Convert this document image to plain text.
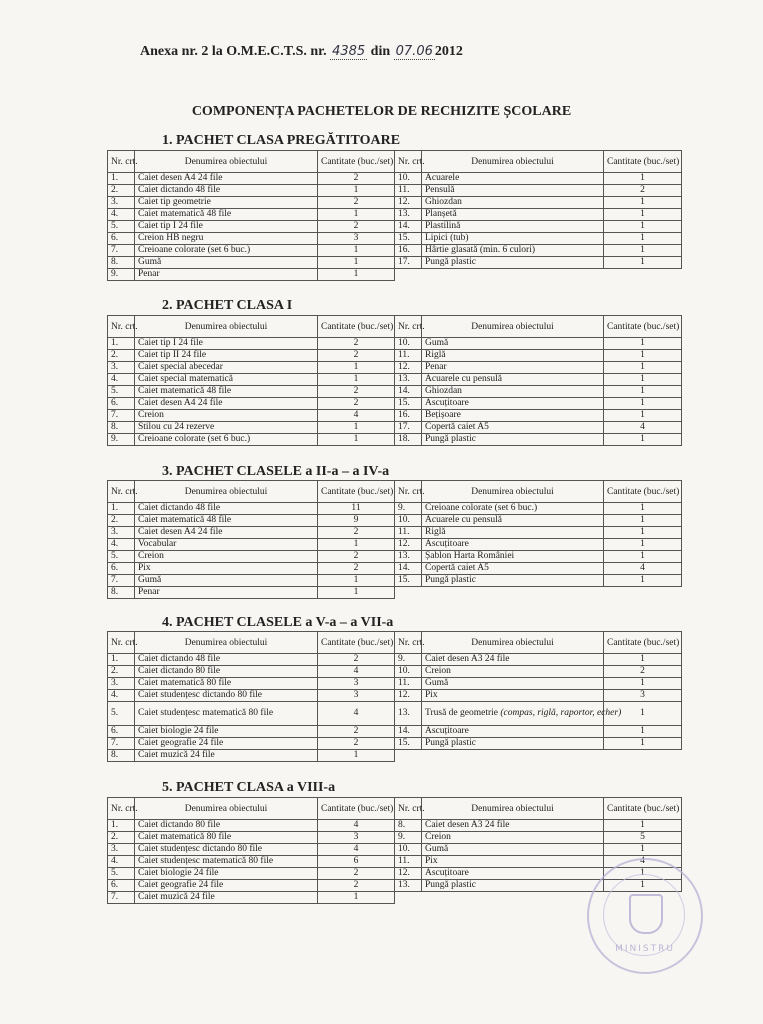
Anexa nr. 2 la O.M.E.C.T.S. nr. 4385 din 07.06 2012
COMPONENȚA PACHETELOR DE RECHIZITE ȘCOLARE
1. PACHET CLASA PREGĂTITOARE
Nr. crt.	Denumirea obiectului	Cantitate (buc./set)	Nr. crt.	Denumirea obiectului	Cantitate (buc./set)
1.	Caiet desen A4 24 file	2	10.	Acuarele	1
2.	Caiet dictando 48 file	1	11.	Pensulă	2
3.	Caiet tip geometrie	2	12.	Ghiozdan	1
4.	Caiet matematică 48 file	1	13.	Planșetă	1
5.	Caiet tip I 24 file	2	14.	Plastilină	1
6.	Creion HB negru	3	15.	Lipici (tub)	1
7.	Creioane colorate (set 6 buc.)	1	16.	Hârtie glasată (min. 6 culori)	1
8.	Gumă	1	17.	Pungă plastic	1
9.	Penar	1			
2. PACHET CLASA I
Nr. crt.	Denumirea obiectului	Cantitate (buc./set)	Nr. crt.	Denumirea obiectului	Cantitate (buc./set)
1.	Caiet tip I 24 file	2	10.	Gumă	1
2.	Caiet tip II 24 file	2	11.	Riglă	1
3.	Caiet special abecedar	1	12.	Penar	1
4.	Caiet special matematică	1	13.	Acuarele cu pensulă	1
5.	Caiet matematică 48 file	2	14.	Ghiozdan	1
6.	Caiet desen A4 24 file	2	15.	Ascuțitoare	1
7.	Creion	4	16.	Bețișoare	1
8.	Stilou cu 24 rezerve	1	17.	Copertă caiet A5	4
9.	Creioane colorate (set 6 buc.)	1	18.	Pungă plastic	1
3. PACHET CLASELE a II-a – a IV-a
Nr. crt.	Denumirea obiectului	Cantitate (buc./set)	Nr. crt.	Denumirea obiectului	Cantitate (buc./set)
1.	Caiet dictando 48 file	11	9.	Creioane colorate (set 6 buc.)	1
2.	Caiet matematică 48 file	9	10.	Acuarele cu pensulă	1
3.	Caiet desen A4 24 file	2	11.	Riglă	1
4.	Vocabular	1	12.	Ascuțitoare	1
5.	Creion	2	13.	Șablon Harta României	1
6.	Pix	2	14.	Copertă caiet A5	4
7.	Gumă	1	15.	Pungă plastic	1
8.	Penar	1			
4. PACHET CLASELE a V-a – a VII-a
Nr. crt.	Denumirea obiectului	Cantitate (buc./set)	Nr. crt.	Denumirea obiectului	Cantitate (buc./set)
1.	Caiet dictando 48 file	2	9.	Caiet desen A3 24 file	1
2.	Caiet dictando 80 file	4	10.	Creion	2
3.	Caiet matematică 80 file	3	11.	Gumă	1
4.	Caiet studențesc dictando 80 file	3	12.	Pix	3
5.	Caiet studențesc matematică 80 file	4	13.	Trusă de geometrie (compas, riglă, raportor, echer)	1
6.	Caiet biologie 24 file	2	14.	Ascuțitoare	1
7.	Caiet geografie 24 file	2	15.	Pungă plastic	1
8.	Caiet muzică 24 file	1			
5. PACHET CLASA a VIII-a
Nr. crt.	Denumirea obiectului	Cantitate (buc./set)	Nr. crt.	Denumirea obiectului	Cantitate (buc./set)
1.	Caiet dictando 80 file	4	8.	Caiet desen A3 24 file	1
2.	Caiet matematică 80 file	3	9.	Creion	5
3.	Caiet studențesc dictando 80 file	4	10.	Gumă	1
4.	Caiet studențesc matematică 80 file	6	11.	Pix	4
5.	Caiet biologie 24 file	2	12.	Ascuțitoare	1
6.	Caiet geografie 24 file	2	13.	Pungă plastic	1
7.	Caiet muzică 24 file	1			
MINISTRU
